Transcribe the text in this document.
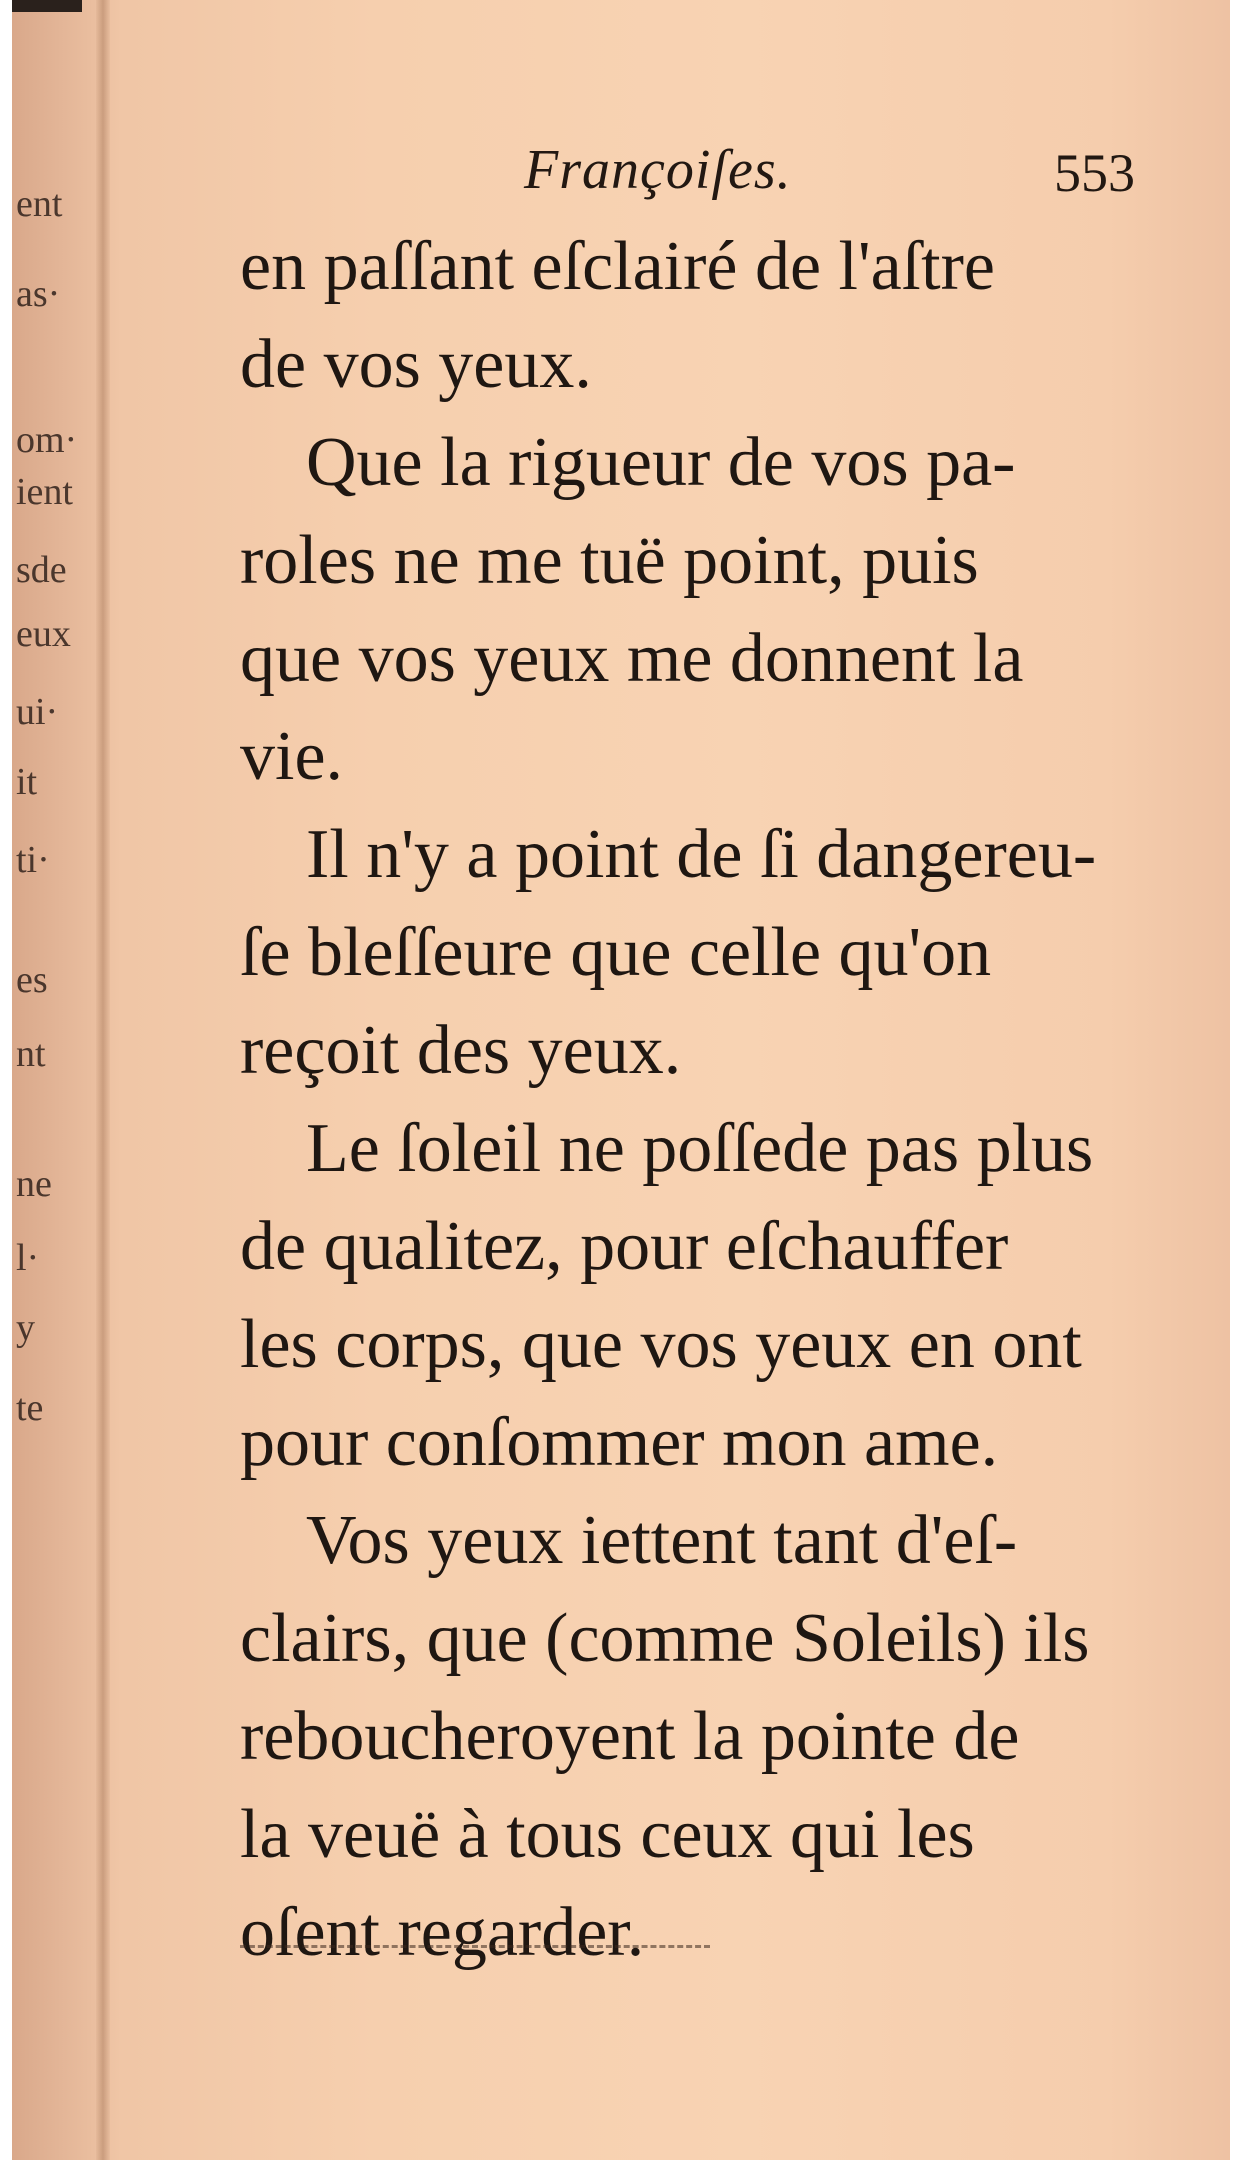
ent
as·
om·
ient
sde
eux
ui·
it
ti·
es
nt
ne
l·
y
te
Françoiſes.	553
en paſſant eſclairé de l'aſtre
de vos yeux.
Que la rigueur de vos pa-
roles ne me tuë point, puis
que vos yeux me donnent la
vie.
Il n'y a point de ſi dangereu-
ſe bleſſeure que celle qu'on
reçoit des yeux.
Le ſoleil ne poſſede pas plus
de qualitez, pour eſchauffer
les corps, que vos yeux en ont
pour conſommer mon ame.
Vos yeux iettent tant d'eſ-
clairs, que (comme Soleils) ils
reboucheroyent la pointe de
la veuë à tous ceux qui les
oſent regarder.
